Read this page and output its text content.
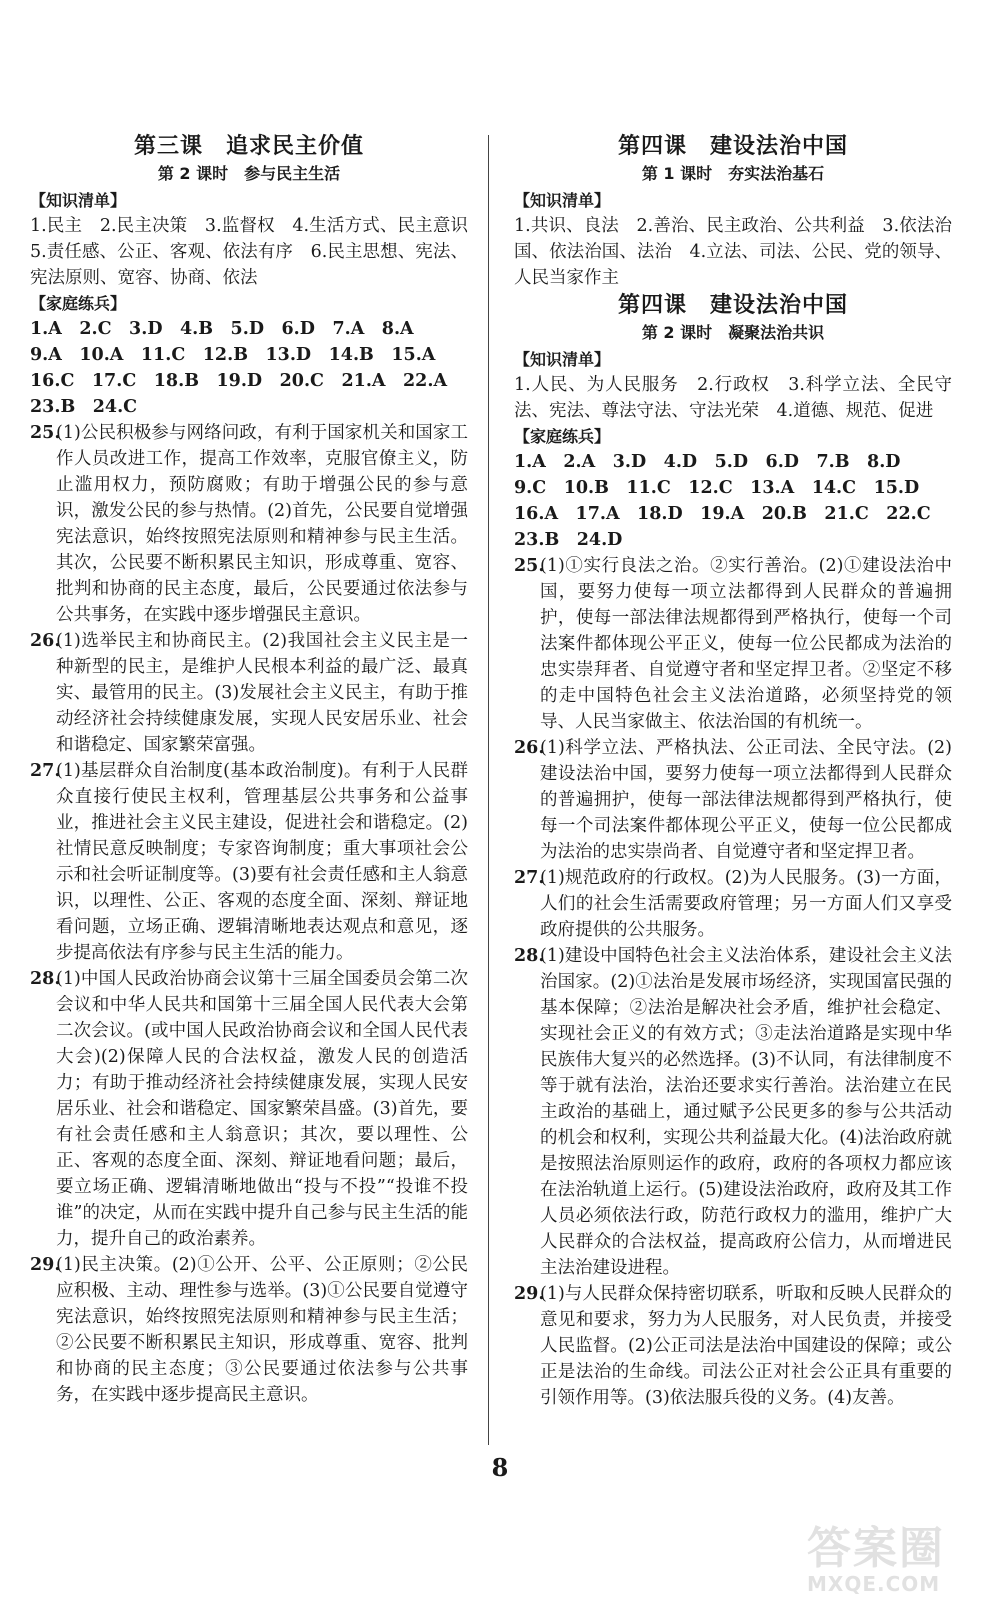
第三课　追求民主价值
第 2 课时　参与民主生活
【知识清单】

1.民主　2.民主决策　3.监督权　4.生活方式、民主意识　5.责任感、公正、客观、依法有序　6.民主思想、宪法、宪法原则、宽容、协商、依法

【家庭练兵】
1.A　2.C　3.D　4.B　5.D　6.D　7.A　8.A
9.A　10.A　11.C　12.B　13.D　14.B　15.A
16.C　17.C　18.B　19.D　20.C　21.A　22.A
23.B　24.C
25.
(1)公民积极参与网络问政，有利于国家机关和国家工作人员改进工作，提高工作效率，克服官僚主义，防止滥用权力，预防腐败；有助于增强公民的参与意识，激发公民的参与热情。(2)首先，公民要自觉增强宪法意识，始终按照宪法原则和精神参与民主生活。其次，公民要不断积累民主知识，形成尊重、宽容、批判和协商的民主态度，最后，公民要通过依法参与公共事务，在实践中逐步增强民主意识。
26.
(1)选举民主和协商民主。(2)我国社会主义民主是一种新型的民主，是维护人民根本利益的最广泛、最真实、最管用的民主。(3)发展社会主义民主，有助于推动经济社会持续健康发展，实现人民安居乐业、社会和谐稳定、国家繁荣富强。
27.
(1)基层群众自治制度(基本政治制度)。有利于人民群众直接行使民主权利，管理基层公共事务和公益事业，推进社会主义民主建设，促进社会和谐稳定。(2)社情民意反映制度；专家咨询制度；重大事项社会公示和社会听证制度等。(3)要有社会责任感和主人翁意识，以理性、公正、客观的态度全面、深刻、辩证地看问题，立场正确、逻辑清晰地表达观点和意见，逐步提高依法有序参与民主生活的能力。
28.
(1)中国人民政治协商会议第十三届全国委员会第二次会议和中华人民共和国第十三届全国人民代表大会第二次会议。(或中国人民政治协商会议和全国人民代表大会)(2)保障人民的合法权益，激发人民的创造活力；有助于推动经济社会持续健康发展，实现人民安居乐业、社会和谐稳定、国家繁荣昌盛。(3)首先，要有社会责任感和主人翁意识；其次，要以理性、公正、客观的态度全面、深刻、辩证地看问题；最后，要立场正确、逻辑清晰地做出“投与不投”“投谁不投谁”的决定，从而在实践中提升自己参与民主生活的能力，提升自己的政治素养。
29.
(1)民主决策。(2)①公开、公平、公正原则；②公民应积极、主动、理性参与选举。(3)①公民要自觉遵守宪法意识，始终按照宪法原则和精神参与民主生活；②公民要不断积累民主知识，形成尊重、宽容、批判和协商的民主态度；③公民要通过依法参与公共事务，在实践中逐步提高民主意识。
第四课　建设法治中国
第 1 课时　夯实法治基石
【知识清单】

1.共识、良法　2.善治、民主政治、公共利益　3.依法治国、依法治国、法治　4.立法、司法、公民、党的领导、人民当家作主

第四课　建设法治中国
第 2 课时　凝聚法治共识
【知识清单】

1.人民、为人民服务　2.行政权　3.科学立法、全民守法、宪法、尊法守法、守法光荣　4.道德、规范、促进

【家庭练兵】
1.A　2.A　3.D　4.D　5.D　6.D　7.B　8.D
9.C　10.B　11.C　12.C　13.A　14.C　15.D
16.A　17.A　18.D　19.A　20.B　21.C　22.C
23.B　24.D
25.
(1)①实行良法之治。②实行善治。(2)①建设法治中国，要努力使每一项立法都得到人民群众的普遍拥护，使每一部法律法规都得到严格执行，使每一个司法案件都体现公平正义，使每一位公民都成为法治的忠实崇拜者、自觉遵守者和坚定捍卫者。②坚定不移的走中国特色社会主义法治道路，必须坚持党的领导、人民当家做主、依法治国的有机统一。
26.
(1)科学立法、严格执法、公正司法、全民守法。(2)建设法治中国，要努力使每一项立法都得到人民群众的普遍拥护，使每一部法律法规都得到严格执行，使每一个司法案件都体现公平正义，使每一位公民都成为法治的忠实崇尚者、自觉遵守者和坚定捍卫者。
27.
(1)规范政府的行政权。(2)为人民服务。(3)一方面，人们的社会生活需要政府管理；另一方面人们又享受政府提供的公共服务。
28.
(1)建设中国特色社会主义法治体系，建设社会主义法治国家。(2)①法治是发展市场经济，实现国富民强的基本保障；②法治是解决社会矛盾，维护社会稳定、实现社会正义的有效方式；③走法治道路是实现中华民族伟大复兴的必然选择。(3)不认同，有法律制度不等于就有法治，法治还要求实行善治。法治建立在民主政治的基础上，通过赋予公民更多的参与公共活动的机会和权利，实现公共利益最大化。(4)法治政府就是按照法治原则运作的政府，政府的各项权力都应该在法治轨道上运行。(5)建设法治政府，政府及其工作人员必须依法行政，防范行政权力的滥用，维护广大人民群众的合法权益，提高政府公信力，从而增进民主法治建设进程。
29.
(1)与人民群众保持密切联系，听取和反映人民群众的意见和要求，努力为人民服务，对人民负责，并接受人民监督。(2)公正司法是法治中国建设的保障；或公正是法治的生命线。司法公正对社会公正具有重要的引领作用等。(3)依法服兵役的义务。(4)友善。
8
答案圈
MXQE.COM
